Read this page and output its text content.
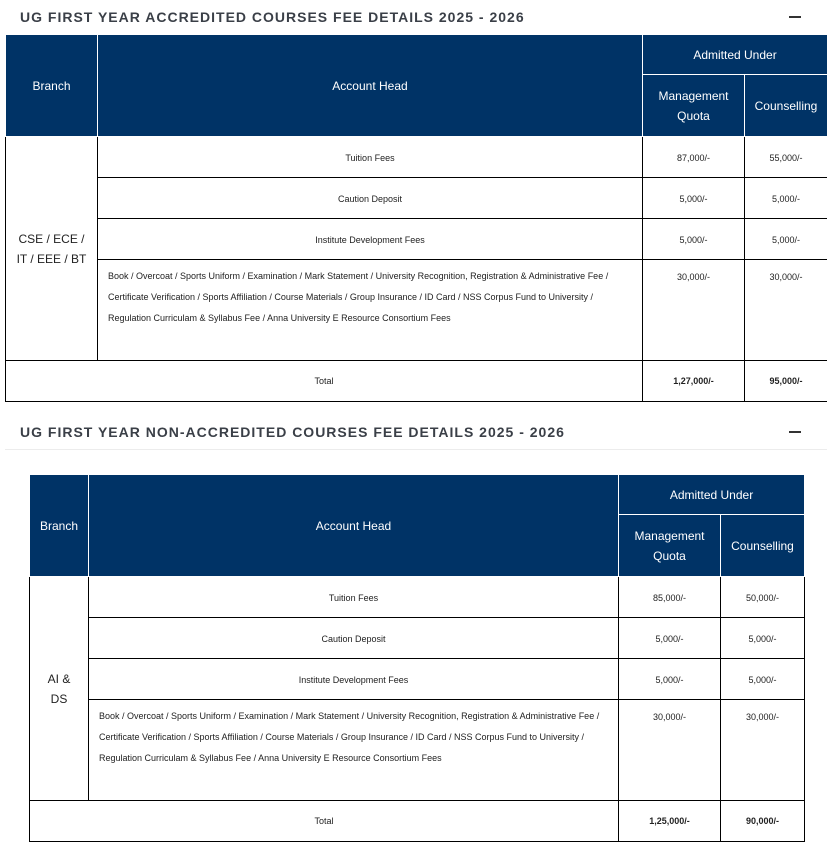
UG FIRST YEAR ACCREDITED COURSES FEE DETAILS 2025 - 2026
Branch	Account Head	Admitted Under	
		Management Quota	Counselling
CSE / ECE / IT / EEE / BT	Tuition Fees	87,000/-	55,000/-
	Caution Deposit	5,000/-	5,000/-
	Institute Development Fees	5,000/-	5,000/-
	Book / Overcoat / Sports Uniform / Examination / Mark Statement / University Recognition, Registration & Administrative Fee / Certificate Verification / Sports Affiliation / Course Materials / Group Insurance / ID Card / NSS Corpus Fund to University / Regulation Curriculam & Syllabus Fee / Anna University E Resource Consortium Fees	30,000/-	30,000/-
Total		1,27,000/-	95,000/-
UG FIRST YEAR NON-ACCREDITED COURSES FEE DETAILS 2025 - 2026
Branch	Account Head	Admitted Under	
		Management Quota	Counselling
AI & DS	Tuition Fees	85,000/-	50,000/-
	Caution Deposit	5,000/-	5,000/-
	Institute Development Fees	5,000/-	5,000/-
	Book / Overcoat / Sports Uniform / Examination / Mark Statement / University Recognition, Registration & Administrative Fee / Certificate Verification / Sports Affiliation / Course Materials / Group Insurance / ID Card / NSS Corpus Fund to University / Regulation Curriculam & Syllabus Fee / Anna University E Resource Consortium Fees	30,000/-	30,000/-
Total		1,25,000/-	90,000/-
